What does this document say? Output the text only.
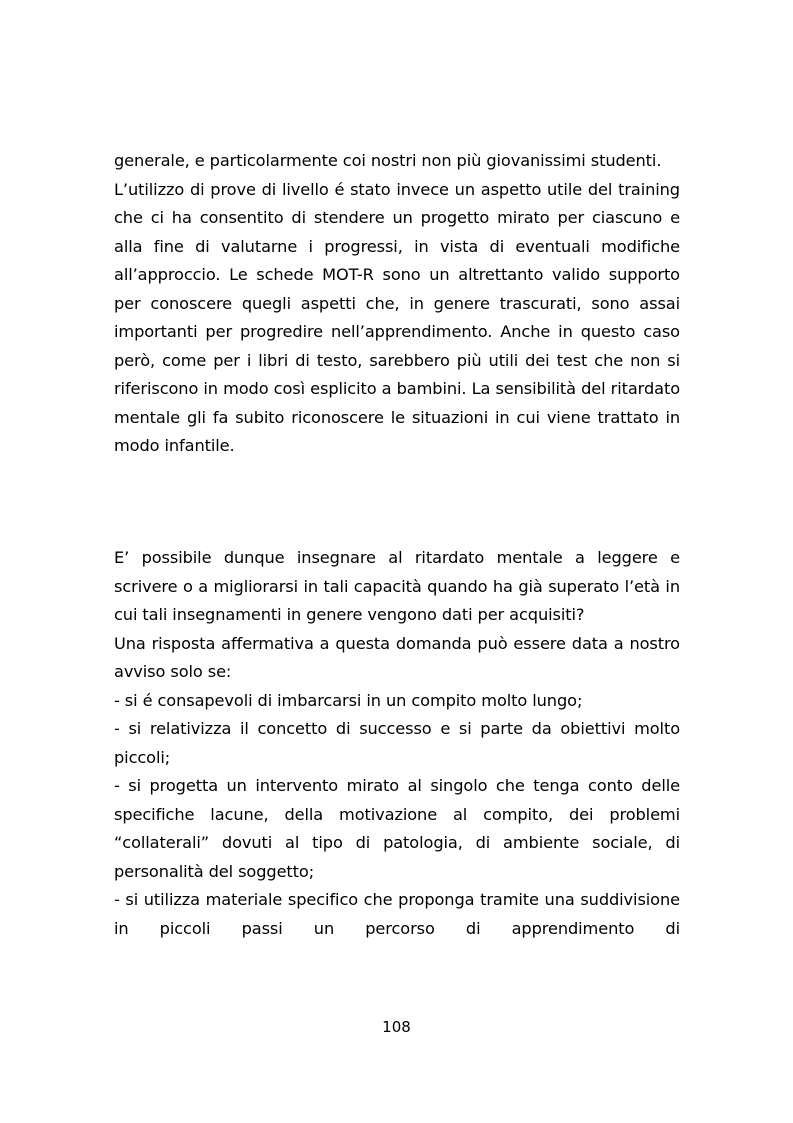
generale, e particolarmente coi nostri non più giovanissimi studenti.

L’utilizzo di prove di livello é stato invece un aspetto utile del training che ci ha consentito di stendere un progetto mirato per ciascuno e alla fine di valutarne i progressi, in vista di eventuali modifiche all’approccio. Le schede MOT-R sono un altrettanto valido supporto per conoscere quegli aspetti che, in genere trascurati, sono assai importanti per progredire nell’apprendimento. Anche in questo caso però, come per i libri di testo, sarebbero più utili dei test che non si riferiscono in modo così esplicito a bambini. La sensibilità del ritardato mentale gli fa subito riconoscere le situazioni in cui viene trattato in modo infantile.

E’ possibile dunque insegnare al ritardato mentale a leggere e scrivere o a migliorarsi in tali capacità quando ha già superato l’età in cui tali insegnamenti in genere vengono dati per acquisiti?

Una risposta affermativa a questa domanda può essere data a nostro avviso solo se:

- si é consapevoli di imbarcarsi in un compito molto lungo;

- si relativizza il concetto di successo e si parte da obiettivi molto piccoli;

- si progetta un intervento mirato al singolo che tenga conto delle specifiche lacune, della motivazione al compito, dei problemi “collaterali” dovuti al tipo di patologia, di ambiente sociale, di personalità del soggetto;

- si utilizza materiale specifico che proponga tramite una suddivisione in piccoli passi un percorso di apprendimento di

108
